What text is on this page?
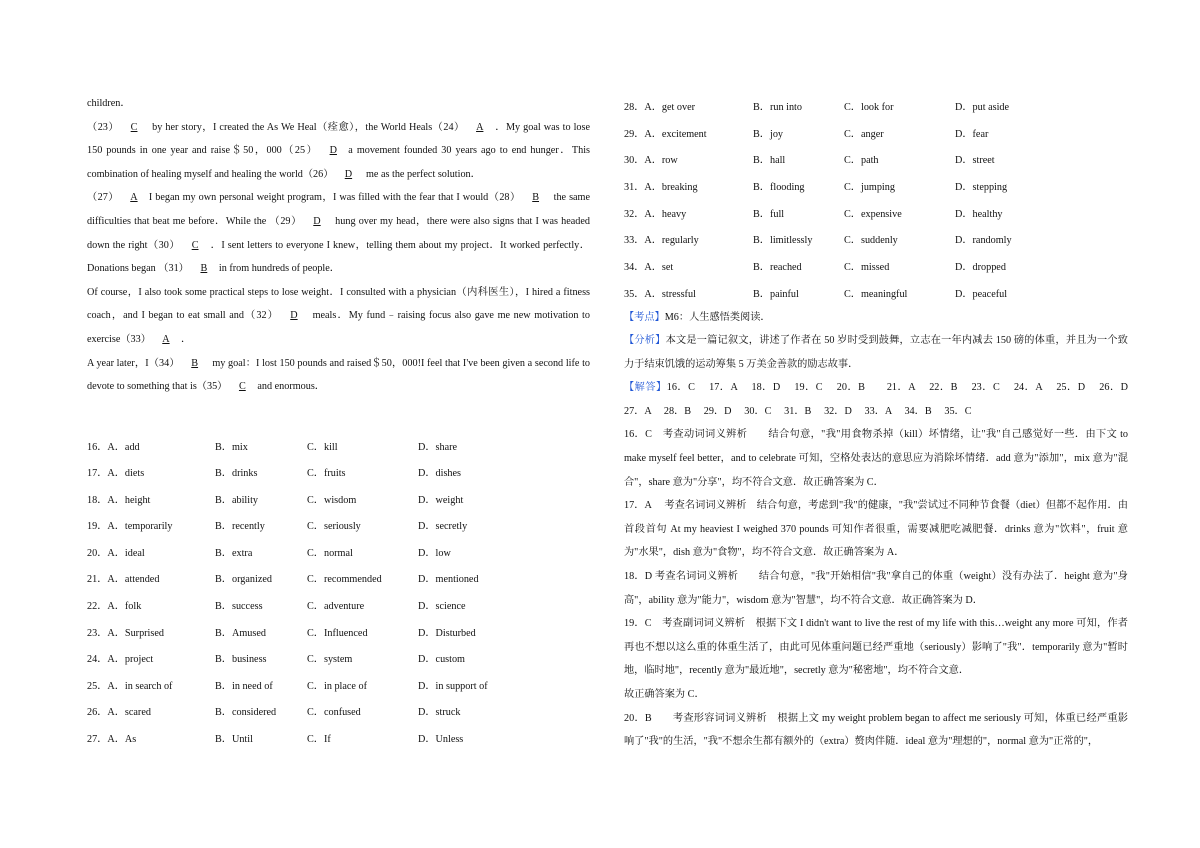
children．

（23） C by her story，I created the As We Heal（痊愈），the World Heals（24） A ．My goal was to lose 150 pounds in one year and raise＄50，000（25） D a movement founded 30 years ago to end hunger．This combination of healing myself and healing the world（26） D me as the perfect solution．

（27） A I began my own personal weight program，I was filled with the fear that I would（28） B the same difficulties that beat me before．While the （29） D hung over my head，there were also signs that I was headed down the right（30） C ．I sent letters to everyone I knew，telling them about my project．It worked perfectly．Donations began （31） B in from hundreds of people．

Of course，I also took some practical steps to lose weight．I consulted with a physician（内科医生），I hired a fitness coach，and I began to eat small and（32） D meals．My fund﹣raising focus also gave me new motivation to exercise（33） A ．

A year later，I（34） B my goal：I lost 150 pounds and raised＄50，000!I feel that I've been given a second life to devote to something that is（35） C and enormous．

16．A．add	B．mix	C．kill	D．share
17．A．diets	B．drinks	C．fruits	D．dishes
18．A．height	B．ability	C．wisdom	D．weight
19．A．temporarily	B．recently	C．seriously	D．secretly
20．A．ideal	B．extra	C．normal	D．low
21．A．attended	B．organized	C．recommended	D．mentioned
22．A．folk	B．success	C．adventure	D．science
23．A．Surprised	B．Amused	C．Influenced	D．Disturbed
24．A．project	B．business	C．system	D．custom
25．A．in search of	B．in need of	C．in place of	D．in support of
26．A．scared	B．considered	C．confused	D．struck
27．A．As	B．Until	C．If	D．Unless
28．A．get over	B．run into	C．look for	D．put aside
29．A．excitement	B．joy	C．anger	D．fear
30．A．row	B．hall	C．path	D．street
31．A．breaking	B．flooding	C．jumping	D．stepping
32．A．heavy	B．full	C．expensive	D．healthy
33．A．regularly	B．limitlessly	C．suddenly	D．randomly
34．A．set	B．reached	C．missed	D．dropped
35．A．stressful	B．painful	C．meaningful	D．peaceful

【考点】M6：人生感悟类阅读．

【分析】本文是一篇记叙文，讲述了作者在 50 岁时受到鼓舞，立志在一年内减去 150 磅的体重，并且为一个致力于结束饥饿的运动筹集 5 万美金善款的励志故事．

【解答】16．C　 17．A　 18．D　 19．C　 20．B　　21．A　 22．B　 23．C　 24．A　 25．D　 26．D　27．A　 28．B　 29．D　 30．C　 31．B　 32．D　 33．A　 34．B　 35．C

16．C　考查动词词义辨析　　结合句意，"我"用食物杀掉（kill）坏情绪，让"我"自己感觉好一些．由下文 to make myself feel better，and to celebrate 可知，空格处表达的意思应为消除坏情绪．add 意为"添加"，mix 意为"混合"，share 意为"分享"，均不符合文意．故正确答案为 C．

17．A　 考查名词词义辨析　结合句意，考虑到"我"的健康，"我"尝试过不同种节食餐（diet）但都不起作用．由首段首句 At my heaviest I weighed 370 pounds 可知作者很重，需要减肥吃减肥餐．drinks 意为"饮料"，fruit 意为"水果"，dish 意为"食物"，均不符合文意．故正确答案为 A．

18．D 考查名词词义辨析　　结合句意，"我"开始相信"我"拿自己的体重（weight）没有办法了．height 意为"身高"，ability 意为"能力"，wisdom 意为"智慧"，均不符合文意．故正确答案为 D．

19．C　考查副词词义辨析　根据下文 I didn't want to live the rest of my life with this…weight any more 可知，作者再也不想以这么重的体重生活了，由此可见体重问题已经严重地（seriously）影响了"我"．temporarily 意为"暂时地，临时地"，recently 意为"最近地"，secretly 意为"秘密地"，均不符合文意．

故正确答案为 C．

20．B　　考查形容词词义辨析　根据上文 my weight problem began to affect me seriously 可知，体重已经严重影响了"我"的生活，"我"不想余生都有额外的（extra）赘肉伴随．ideal 意为"理想的"，normal 意为"正常的"，
